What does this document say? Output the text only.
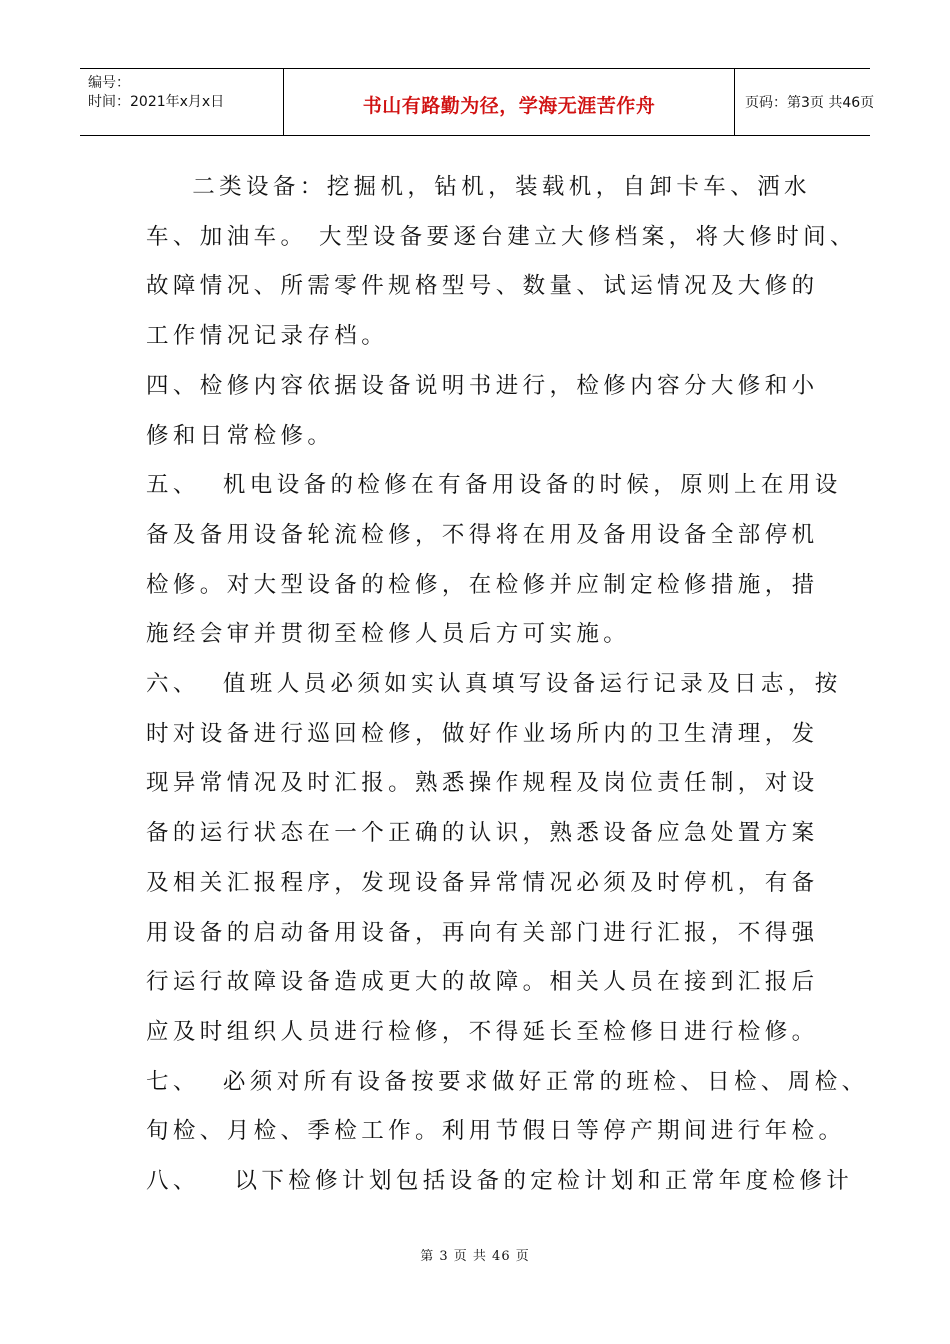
编号：
时间：2021年x月x日	书山有路勤为径，学海无涯苦作舟	页码：第3页 共46页

二类设备：挖掘机，钻机，装载机，自卸卡车、洒水

车、加油车。 大型设备要逐台建立大修档案，将大修时间、

故障情况、所需零件规格型号、数量、试运情况及大修的

工作情况记录存档。

四、检修内容依据设备说明书进行，检修内容分大修和小

修和日常检修。

五、  机电设备的检修在有备用设备的时候，原则上在用设

备及备用设备轮流检修，不得将在用及备用设备全部停机

检修。对大型设备的检修，在检修并应制定检修措施，措

施经会审并贯彻至检修人员后方可实施。

六、  值班人员必须如实认真填写设备运行记录及日志，按

时对设备进行巡回检修，做好作业场所内的卫生清理，发

现异常情况及时汇报。熟悉操作规程及岗位责任制，对设

备的运行状态在一个正确的认识，熟悉设备应急处置方案

及相关汇报程序，发现设备异常情况必须及时停机，有备

用设备的启动备用设备，再向有关部门进行汇报，不得强

行运行故障设备造成更大的故障。相关人员在接到汇报后

应及时组织人员进行检修，不得延长至检修日进行检修。

七、  必须对所有设备按要求做好正常的班检、日检、周检、

旬检、月检、季检工作。利用节假日等停产期间进行年检。

八、   以下检修计划包括设备的定检计划和正常年度检修计

第 3 页 共 46 页
